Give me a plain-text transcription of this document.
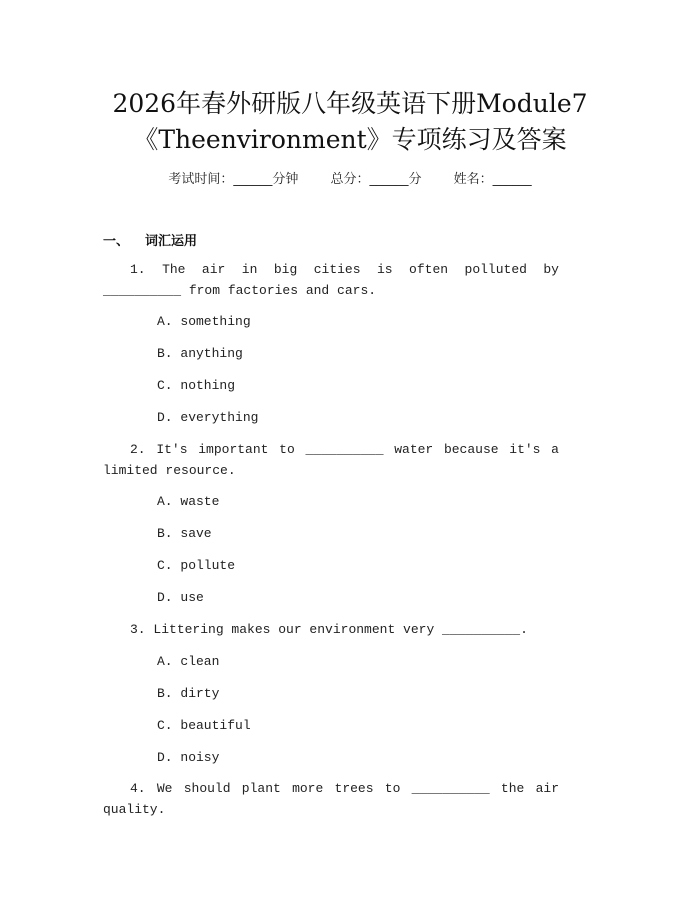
2026年春外研版八年级英语下册Module7
《Theenvironment》专项练习及答案
考试时间：______分钟 总分：______分 姓名：______
一、 词汇运用
1. The air in big cities is often polluted by __________ from factories and cars.
A. something
B. anything
C. nothing
D. everything
2. It's important to __________ water because it's a limited resource.
A. waste
B. save
C. pollute
D. use
3. Littering makes our environment very __________.
A. clean
B. dirty
C. beautiful
D. noisy
4. We should plant more trees to __________ the air quality.
